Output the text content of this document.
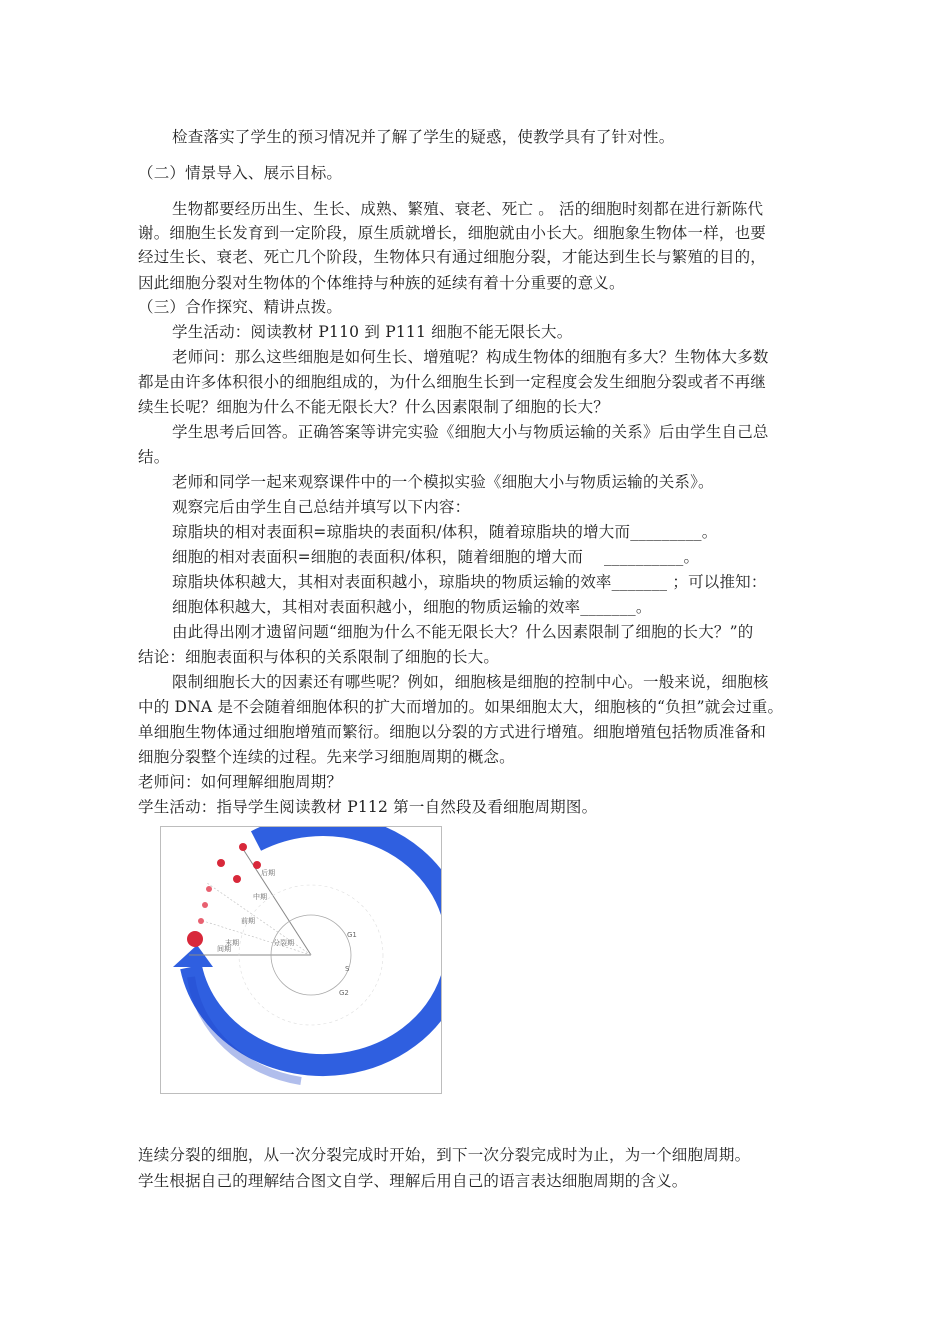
检查落实了学生的预习情况并了解了学生的疑惑，使教学具有了针对性。
（二）情景导入、展示目标。
生物都要经历出生、生长、成熟、繁殖、衰老、死亡 。 活的细胞时刻都在进行新陈代
谢。细胞生长发育到一定阶段，原生质就增长，细胞就由小长大。细胞象生物体一样，也要
经过生长、衰老、死亡几个阶段，生物体只有通过细胞分裂，才能达到生长与繁殖的目的，
因此细胞分裂对生物体的个体维持与种族的延续有着十分重要的意义。
（三）合作探究、精讲点拨。
学生活动：阅读教材 P110 到 P111 细胞不能无限长大。
老师问：那么这些细胞是如何生长、增殖呢？构成生物体的细胞有多大？生物体大多数
都是由许多体积很小的细胞组成的，为什么细胞生长到一定程度会发生细胞分裂或者不再继
续生长呢？细胞为什么不能无限长大？什么因素限制了细胞的长大？
学生思考后回答。正确答案等讲完实验《细胞大小与物质运输的关系》后由学生自己总
结。
老师和同学一起来观察课件中的一个模拟实验《细胞大小与物质运输的关系》。
观察完后由学生自己总结并填写以下内容：
琼脂块的相对表面积=琼脂块的表面积/体积，随着琼脂块的增大而_________。
细胞的相对表面积=细胞的表面积/体积，随着细胞的增大而　 __________。
琼脂块体积越大，其相对表面积越小，琼脂块的物质运输的效率_______ ；可以推知：
细胞体积越大，其相对表面积越小，细胞的物质运输的效率_______。
由此得出刚才遗留问题“细胞为什么不能无限长大？什么因素限制了细胞的长大？”的
结论：细胞表面积与体积的关系限制了细胞的长大。
限制细胞长大的因素还有哪些呢？例如，细胞核是细胞的控制中心。一般来说，细胞核
中的 DNA 是不会随着细胞体积的扩大而增加的。如果细胞太大，细胞核的“负担”就会过重。
单细胞生物体通过细胞增殖而繁衍。细胞以分裂的方式进行增殖。细胞增殖包括物质准备和
细胞分裂整个连续的过程。先来学习细胞周期的概念。
老师问：如何理解细胞周期？
学生活动：指导学生阅读教材 P112 第一自然段及看细胞周期图。
后期
中期
前期
末期
间期
分裂期
G1
S
G2
连续分裂的细胞，从一次分裂完成时开始，到下一次分裂完成时为止，为一个细胞周期。
学生根据自己的理解结合图文自学、理解后用自己的语言表达细胞周期的含义。
